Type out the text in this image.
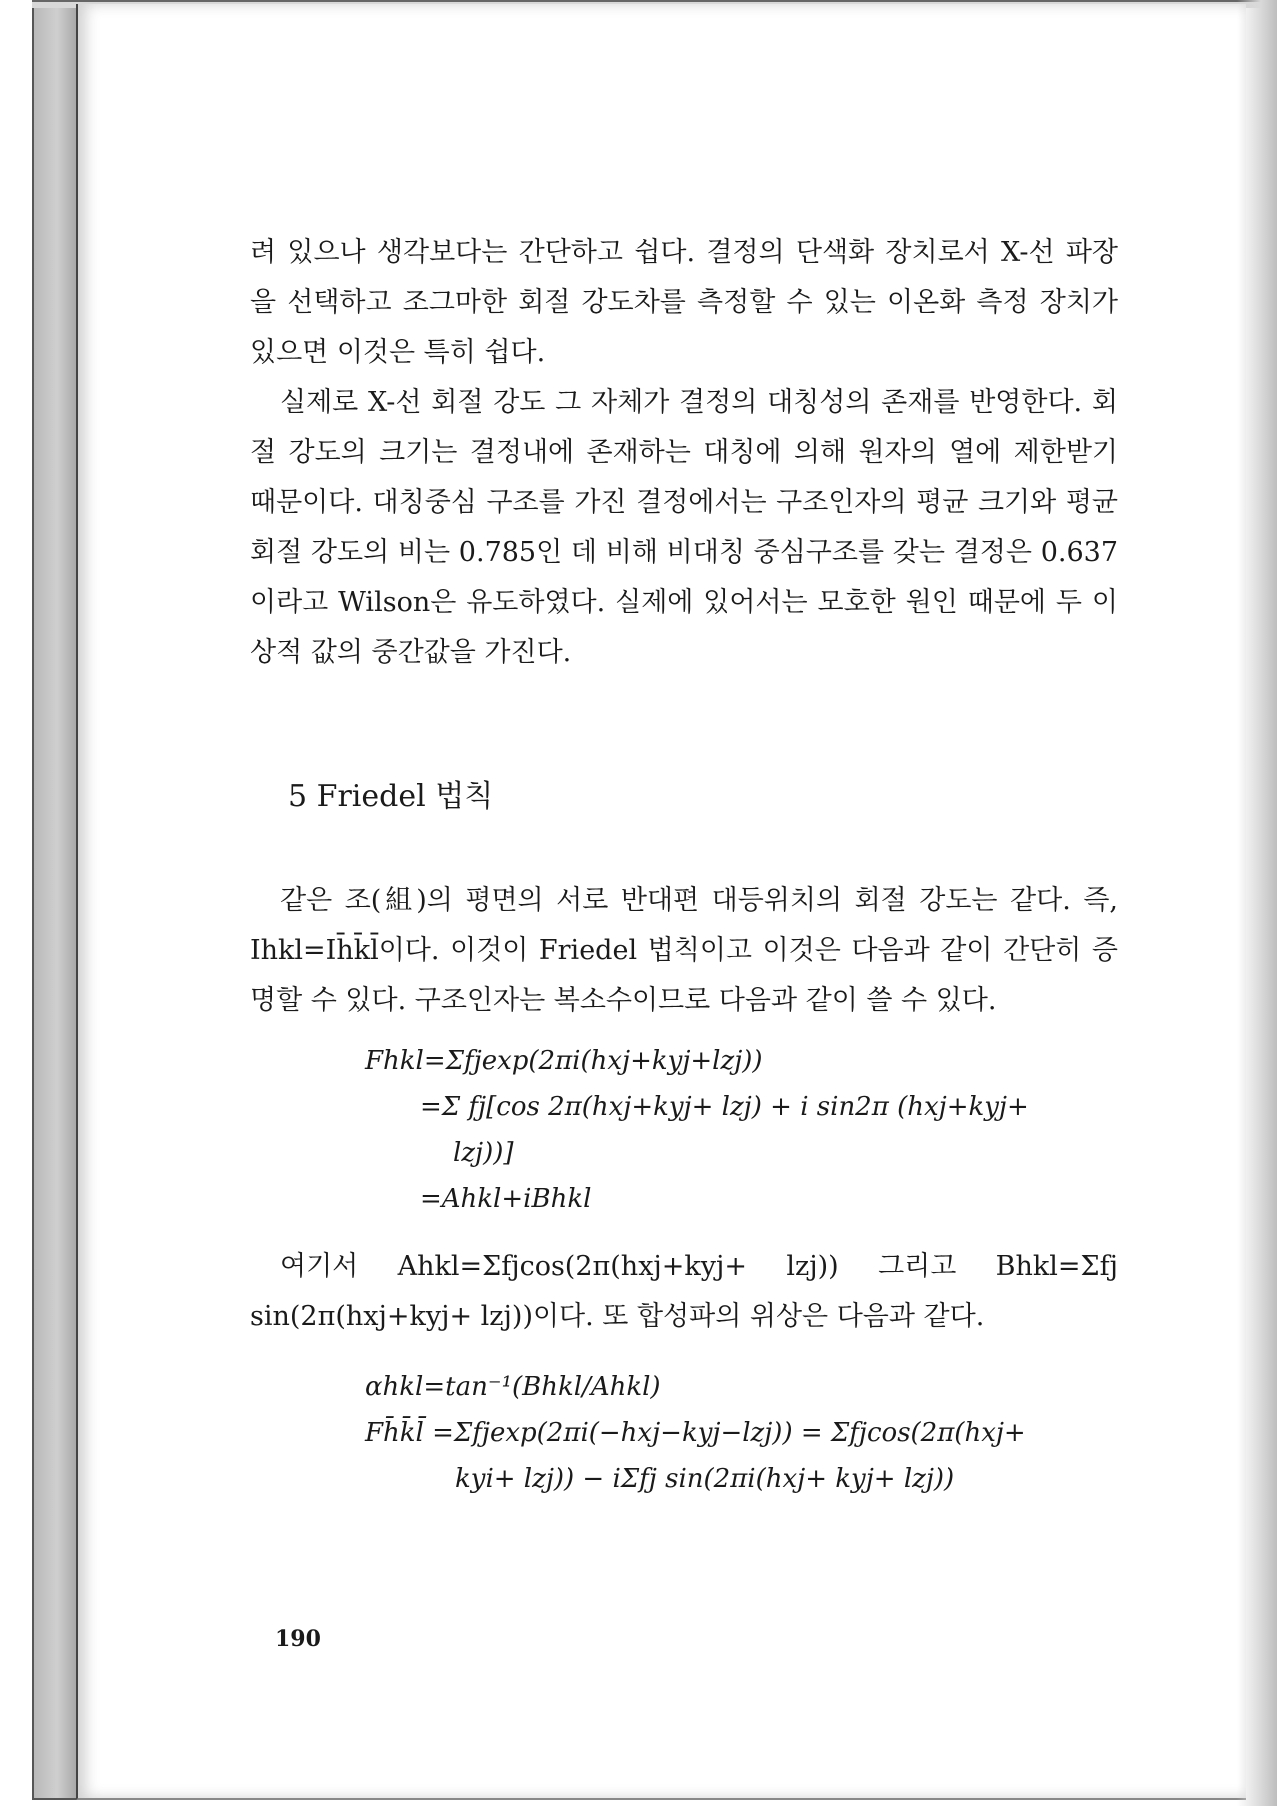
려 있으나 생각보다는 간단하고 쉽다. 결정의 단색화 장치로서 X-선 파장을 선택하고 조그마한 회절 강도차를 측정할 수 있는 이온화 측정 장치가 있으면 이것은 특히 쉽다.

실제로 X-선 회절 강도 그 자체가 결정의 대칭성의 존재를 반영한다. 회절 강도의 크기는 결정내에 존재하는 대칭에 의해 원자의 열에 제한받기 때문이다. 대칭중심 구조를 가진 결정에서는 구조인자의 평균 크기와 평균 회절 강도의 비는 0.785인 데 비해 비대칭 중심구조를 갖는 결정은 0.637이라고 Wilson은 유도하였다. 실제에 있어서는 모호한 원인 때문에 두 이상적 값의 중간값을 가진다.

5 Friedel 법칙

같은 조(組)의 평면의 서로 반대편 대등위치의 회절 강도는 같다. 즉, Ihkl=Ih̄k̄l̄이다. 이것이 Friedel 법칙이고 이것은 다음과 같이 간단히 증명할 수 있다. 구조인자는 복소수이므로 다음과 같이 쓸 수 있다.

Fhkl=Σfjexp(2πi(hxj+kyj+lzj))
=Σ fj[cos 2π(hxj+kyj+ lzj) + i sin2π (hxj+kyj+
lzj))]
=Ahkl+iBhkl

여기서 Ahkl=Σfjcos(2π(hxj+kyj+ lzj)) 그리고 Bhkl=Σfj sin(2π(hxj+kyj+ lzj))이다. 또 합성파의 위상은 다음과 같다.

αhkl=tan⁻¹(Bhkl/Ahkl)
Fh̄k̄l̄ =Σfjexp(2πi(−hxj−kyj−lzj)) = Σfjcos(2π(hxj+
kyi+ lzj)) − iΣfj sin(2πi(hxj+ kyj+ lzj))
190
